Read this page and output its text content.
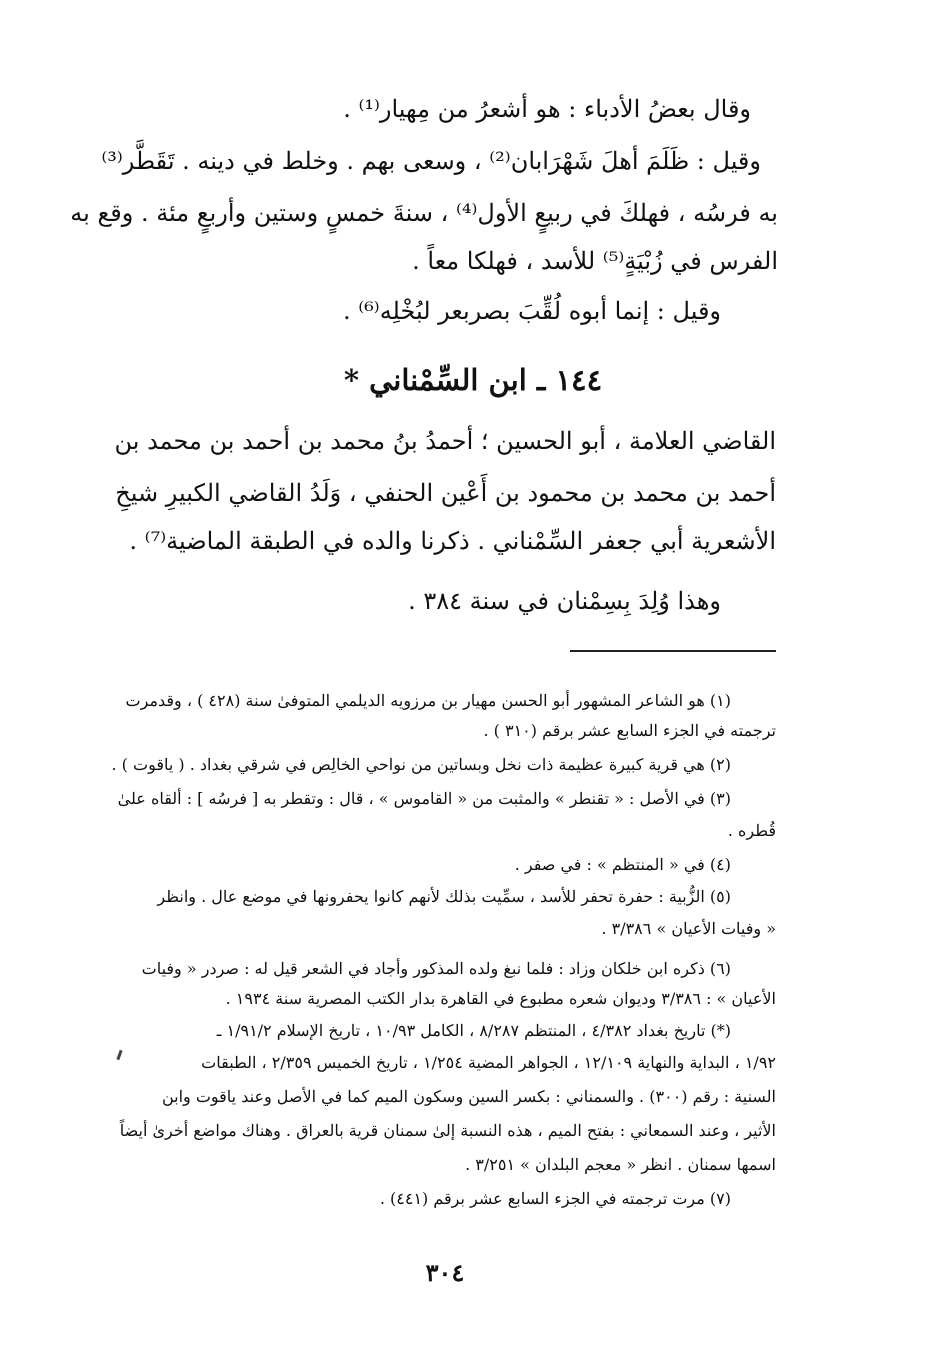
وقال بعضُ الأدباء : هو أشعرُ من مِهيار⁽¹⁾ .

وقيل : ظَلَمَ أهلَ شَهْرَابان⁽²⁾ ، وسعى بهم . وخلط في دينه . تَقَطَّر⁽³⁾

به فرسُه ، فهلكَ في ربيعٍ الأول⁽⁴⁾ ، سنةَ خمسٍ وستين وأربعٍ مئة . وقع به

الفرس في زُبْيَةٍ⁽⁵⁾ للأسد ، فهلكا معاً .

وقيل : إنما أبوه لُقِّبَ بصربعر لبُخْلِه⁽⁶⁾ .

١٤٤ ـ ابن السِّمْناني *

القاضي العلامة ، أبو الحسين ؛ أحمدُ بنُ محمد بن أحمد بن محمد بن

أحمد بن محمد بن محمود بن أَعْين الحنفي ، وَلَدُ القاضي الكبيرِ شيخِ

الأشعرية أبي جعفر السِّمْناني . ذكرنا والده في الطبقة الماضية⁽⁷⁾ .

وهذا وُلِدَ بِسِمْنان في سنة ٣٨٤ .

(١) هو الشاعر المشهور أبو الحسن مهيار بن مرزويه الديلمي المتوفىٰ سنة (٤٢٨ ) ، وقدمرت

ترجمته في الجزء السابع عشر برقم (٣١٠ ) .

(٢) هي قرية كبيرة عظيمة ذات نخل وبساتين من نواحي الخالِص في شرقي بغداد . ( ياقوت ) .

(٣) في الأصل : « تقنطر » والمثبت من « القاموس » ، قال : وتقطر به [ فرسُه ] : ألقاه علىٰ

قُطره .

(٤) في « المنتظم » : في صفر .

(٥) الزُّبية : حفرة تحفر للأسد ، سمِّيت بذلك لأنهم كانوا يحفرونها في موضع عال . وانظر

« وفيات الأعيان » ٣/٣٨٦ .

(٦) ذكره ابن خلكان وزاد : فلما نبغ ولده المذكور وأجاد في الشعر قيل له : صردر « وفيات

الأعيان » : ٣/٣٨٦ وديوان شعره مطبوع في القاهرة بدار الكتب المصرية سنة ١٩٣٤ .

(*) تاريخ بغداد ٤/٣٨٢ ، المنتظم ٨/٢٨٧ ، الكامل ١٠/٩٣ ، تاريخ الإسلام ١/٩١/٢ ـ

١/٩٢ ، البداية والنهاية ١٢/١٠٩ ، الجواهر المضية ١/٢٥٤ ، تاريخ الخميس ٢/٣٥٩ ، الطبقات

السنية : رقم (٣٠٠) . والسمناني : بكسر السين وسكون الميم كما في الأصل وعند ياقوت وابن

الأثير ، وعند السمعاني : بفتح الميم ، هذه النسبة إلىٰ سمنان قرية بالعراق . وهناك مواضع أخرىٰ أيضاً

اسمها سمنان . انظر « معجم البلدان » ٣/٢٥١ .

(٧) مرت ترجمته في الجزء السابع عشر برقم (٤٤١) .

٣٠٤
